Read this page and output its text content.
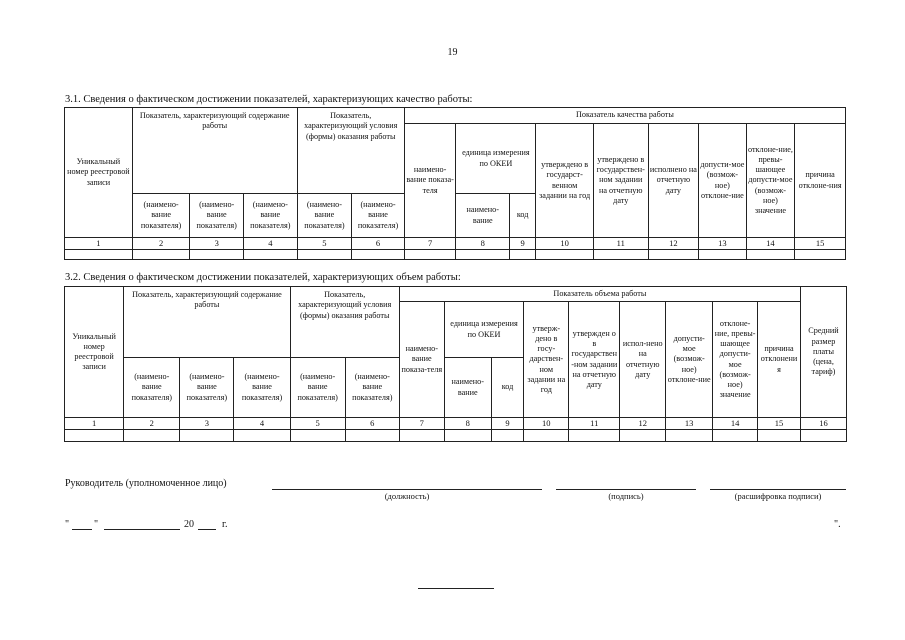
19
3.1. Сведения о фактическом достижении показателей, характеризующих качество работы:
Уникальный номер реестровой записи	Показатель, характеризующий содержание работы			Показатель, характеризующий условия (формы) оказания работы		Показатель качества работы								
						наимено-вание показа-теля	единица измерения по ОКЕИ		утверждено в государст-венном задании на год	утверждено в государствен-ном задании на отчетную дату	исполнено на отчетную дату	допусти-мое (возмож-ное) отклоне-ние	отклоне-ние, превы-шающее допусти-мое (возмож-ное) значение	причина отклоне-ния
	(наимено-вание показателя)	(наимено-вание показателя)	(наимено-вание показателя)	(наимено-вание показателя)	(наимено-вание показателя)		наимено-вание	код						
1	2	3	4	5	6	7	8	9	10	11	12	13	14	15

3.2. Сведения о фактическом достижении показателей, характеризующих объем работы:
Уникальный номер реестровой записи	Показатель, характеризующий содержание работы			Показатель, характеризующий условия (формы) оказания работы		Показатель объема работы									Средний размер платы (цена, тариф)
						наимено-вание показа-теля	единица измерения по ОКЕИ		утверж-дено в госу-дарствен-ном задании на год	утвержден о в государствен-ном задании на отчетную дату	испол-нено на отчетную дату	допусти-мое (возмож-ное) отклоне-ние	отклоне-ние, превы-шающее допусти-мое (возмож-ное) значение	причина отклонения	
	(наимено-вание показателя)	(наимено-вание показателя)	(наимено-вание показателя)	(наимено-вание показателя)	(наимено-вание показателя)		наимено-вание	код							
1	2	3	4	5	6	7	8	9	10	11	12	13	14	15	16

Руководитель (уполномоченное лицо)
(должность)	(подпись)	(расшифровка подписи)
" "	20	г.	".
